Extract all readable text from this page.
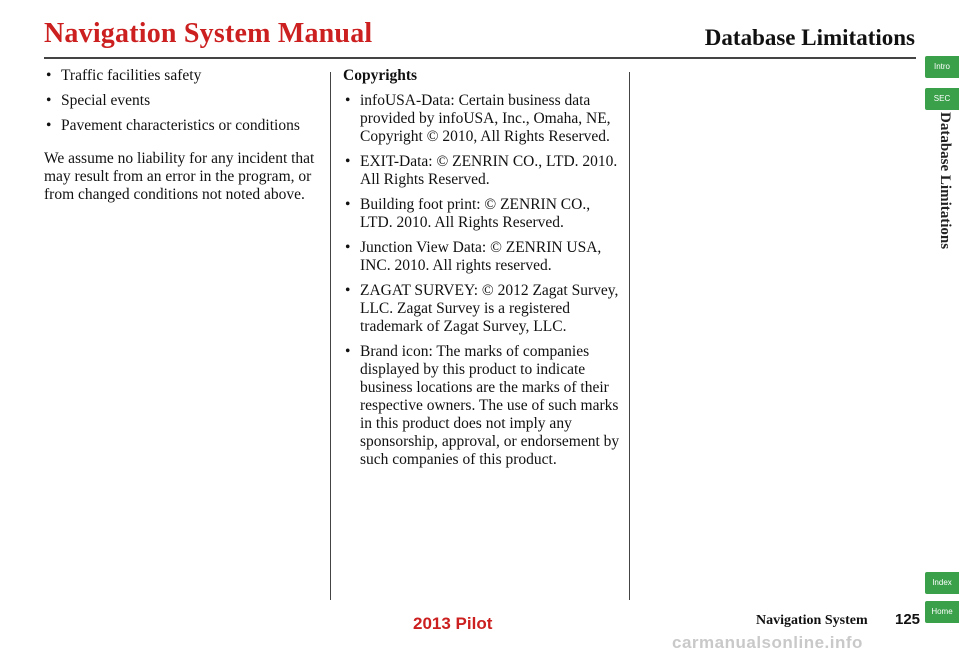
Navigation System Manual	Database Limitations
• Traffic facilities safety
• Special events
• Pavement characteristics or conditions
We assume no liability for any incident that may result from an error in the program, or from changed conditions not noted above.
Copyrights
• infoUSA-Data: Certain business data provided by infoUSA, Inc., Omaha, NE, Copyright © 2010, All Rights Reserved.
• EXIT-Data: © ZENRIN CO., LTD. 2010. All Rights Reserved.
• Building foot print: © ZENRIN CO., LTD. 2010. All Rights Reserved.
• Junction View Data: © ZENRIN USA, INC. 2010. All rights reserved.
• ZAGAT SURVEY: © 2012 Zagat Survey, LLC. Zagat Survey is a registered trademark of Zagat Survey, LLC.
• Brand icon: The marks of companies displayed by this product to indicate business locations are the marks of their respective owners. The use of such marks in this product does not imply any sponsorship, approval, or endorsement by such companies of this product.
Intro
SEC
Database Limitations
Index
Home
Navigation System 125
2013 Pilot
carmanualsonline.info
